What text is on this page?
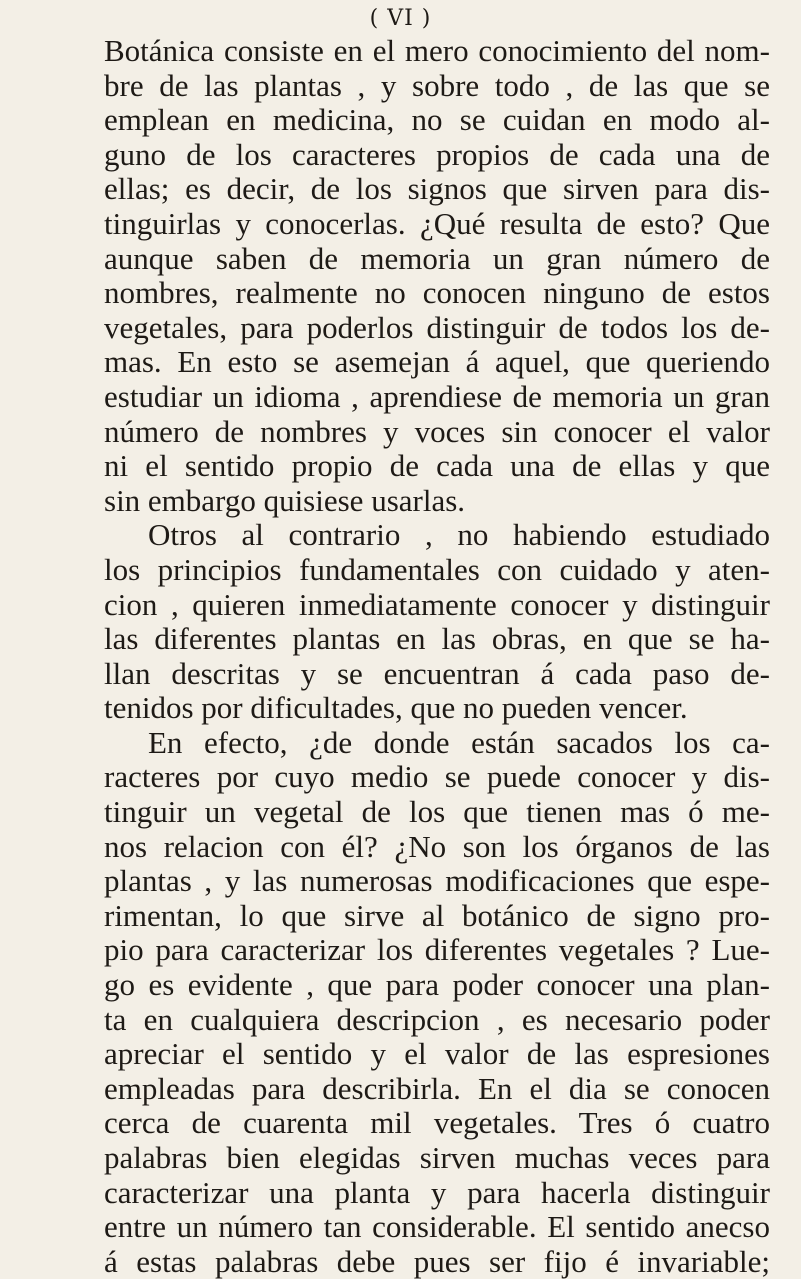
( VI )
Botánica consiste en el mero conocimiento del nom-
bre de las plantas , y sobre todo , de las que se
emplean en medicina, no se cuidan en modo al-
guno de los caracteres propios de cada una de
ellas; es decir, de los signos que sirven para dis-
tinguirlas y conocerlas. ¿Qué resulta de esto? Que
aunque saben de memoria un gran número de
nombres, realmente no conocen ninguno de estos
vegetales, para poderlos distinguir de todos los de-
mas. En esto se asemejan á aquel, que queriendo
estudiar un idioma , aprendiese de memoria un gran
número de nombres y voces sin conocer el valor
ni el sentido propio de cada una de ellas y que
sin embargo quisiese usarlas.
Otros al contrario , no habiendo estudiado
los principios fundamentales con cuidado y aten-
cion , quieren inmediatamente conocer y distinguir
las diferentes plantas en las obras, en que se ha-
llan descritas y se encuentran á cada paso de-
tenidos por dificultades, que no pueden vencer.
En efecto, ¿de donde están sacados los ca-
racteres por cuyo medio se puede conocer y dis-
tinguir un vegetal de los que tienen mas ó me-
nos relacion con él? ¿No son los órganos de las
plantas , y las numerosas modificaciones que espe-
rimentan, lo que sirve al botánico de signo pro-
pio para caracterizar los diferentes vegetales ? Lue-
go es evidente , que para poder conocer una plan-
ta en cualquiera descripcion , es necesario poder
apreciar el sentido y el valor de las espresiones
empleadas para describirla. En el dia se conocen
cerca de cuarenta mil vegetales. Tres ó cuatro
palabras bien elegidas sirven muchas veces para
caracterizar una planta y para hacerla distinguir
entre un número tan considerable. El sentido anecso
á estas palabras debe pues ser fijo é invariable;
